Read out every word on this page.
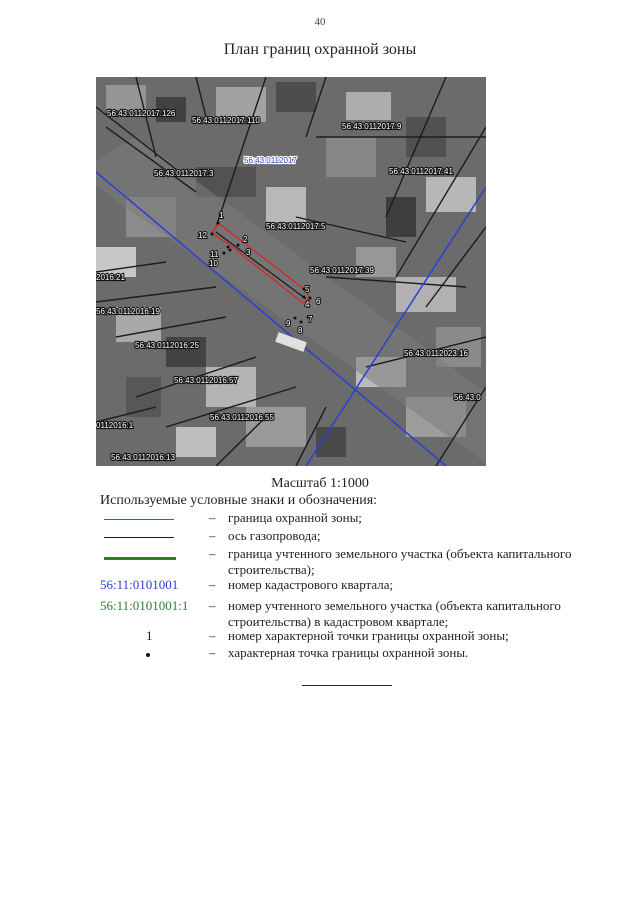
40
План границ охранной зоны
56:43:0112017:126
56:43:0112017:110
56:43:0112017:9
56:43:0112017:3	56:43:0112017:41
56:43:0112017:5
56:43:0112017:39
2016:21
56:43:0112016:19
56:43:0112016:25
56:43:0112023:16
56:43:0112016:57
56:43:0
56:43:0112016:55
0112016:1
56:43:0112016:13
56:43:0112017
1
2
3
4
5
6
7
8
9
10
11
12
Масштаб 1:1000
Используемые условные знаки и обозначения:
– граница охранной зоны;
– ось газопровода;
– граница учтенного земельного участка (объекта капитального строительства);
56:11:0101001 – номер кадастрового квартала;
56:11:0101001:1 – номер учтенного земельного участка (объекта капитального строительства) в кадастровом квартале;
1	– номер характерной точки границы охранной зоны;
– характерная точка границы охранной зоны.
